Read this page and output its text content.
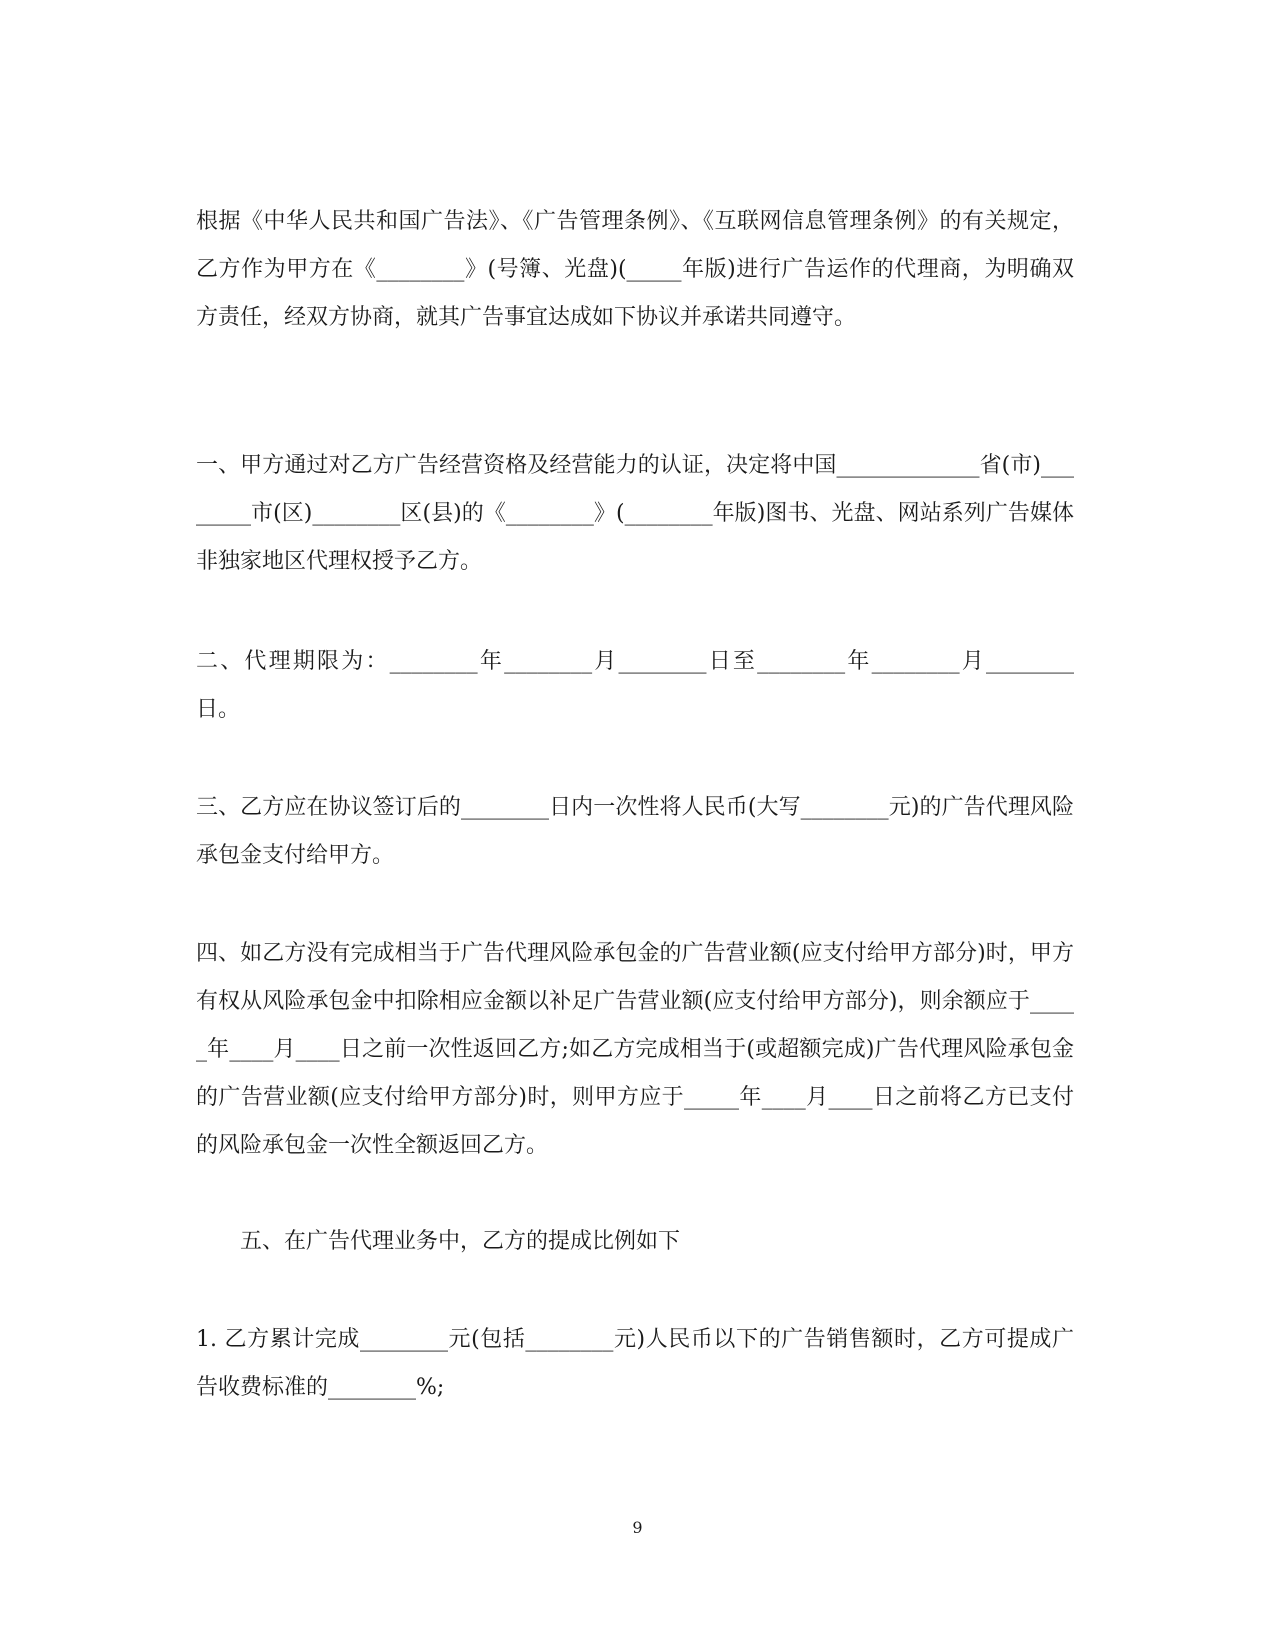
根据《中华人民共和国广告法》、《广告管理条例》、《互联网信息管理条例》的有关规定，乙方作为甲方在《________》(号簿、光盘)(_____年版)进行广告运作的代理商，为明确双方责任，经双方协商，就其广告事宜达成如下协议并承诺共同遵守。

一、甲方通过对乙方广告经营资格及经营能力的认证，决定将中国_____________省(市)________市(区)________区(县)的《________》(________年版)图书、光盘、网站系列广告媒体非独家地区代理权授予乙方。

二、代理期限为：________年________月________日至________年________月________日。

三、乙方应在协议签订后的________日内一次性将人民币(大写________元)的广告代理风险承包金支付给甲方。

四、如乙方没有完成相当于广告代理风险承包金的广告营业额(应支付给甲方部分)时，甲方有权从风险承包金中扣除相应金额以补足广告营业额(应支付给甲方部分)，则余额应于_____年____月____日之前一次性返回乙方;如乙方完成相当于(或超额完成)广告代理风险承包金的广告营业额(应支付给甲方部分)时，则甲方应于_____年____月____日之前将乙方已支付的风险承包金一次性全额返回乙方。

五、在广告代理业务中，乙方的提成比例如下

1. 乙方累计完成________元(包括________元)人民币以下的广告销售额时，乙方可提成广告收费标准的________%;

9
